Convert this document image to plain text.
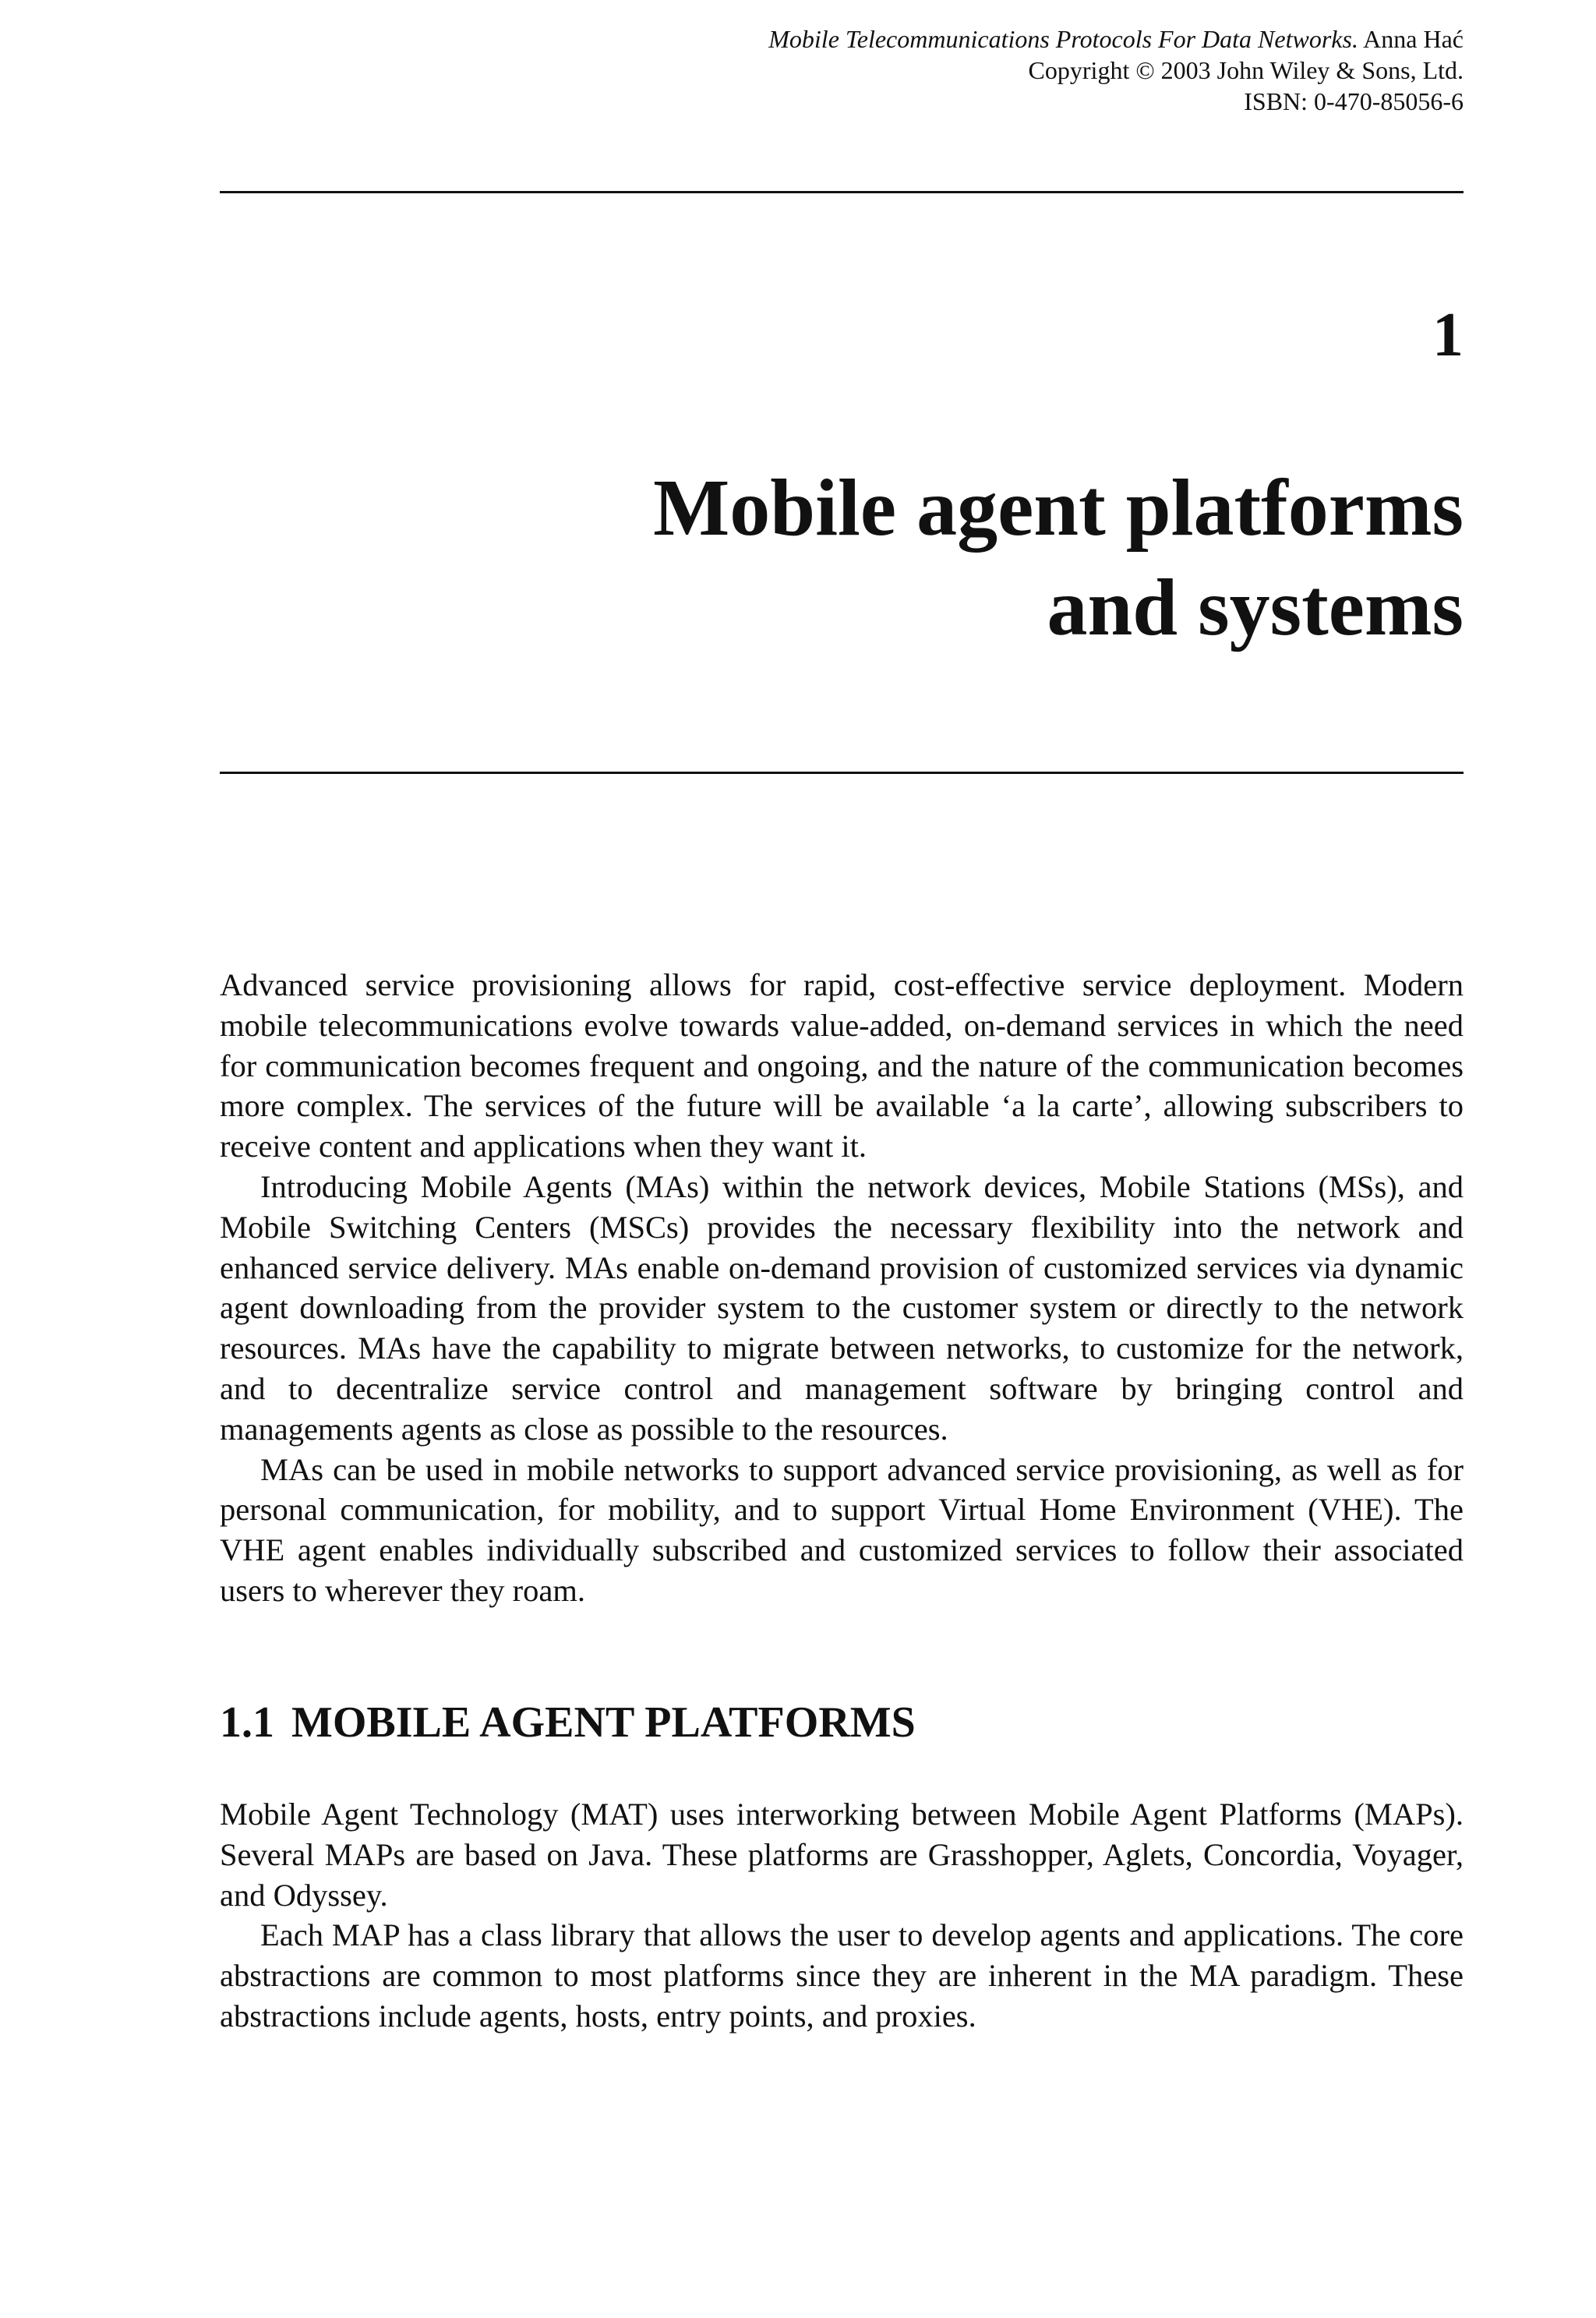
Mobile Telecommunications Protocols For Data Networks. Anna Hać
Copyright © 2003 John Wiley & Sons, Ltd.
ISBN: 0-470-85056-6
1
Mobile agent platforms
and systems

Advanced service provisioning allows for rapid, cost-effective service deployment. Modern mobile telecommunications evolve towards value-added, on-demand services in which the need for communication becomes frequent and ongoing, and the nature of the communication becomes more complex. The services of the future will be available ‘a la carte’, allowing subscribers to receive content and applications when they want it.

Introducing Mobile Agents (MAs) within the network devices, Mobile Stations (MSs), and Mobile Switching Centers (MSCs) provides the necessary flexibility into the network and enhanced service delivery. MAs enable on-demand provision of customized services via dynamic agent downloading from the provider system to the customer system or directly to the network resources. MAs have the capability to migrate between networks, to customize for the network, and to decentralize service control and management software by bringing control and managements agents as close as possible to the resources.

MAs can be used in mobile networks to support advanced service provisioning, as well as for personal communication, for mobility, and to support Virtual Home Environment (VHE). The VHE agent enables individually subscribed and customized services to follow their associated users to wherever they roam.

1.1 MOBILE AGENT PLATFORMS

Mobile Agent Technology (MAT) uses interworking between Mobile Agent Platforms (MAPs). Several MAPs are based on Java. These platforms are Grasshopper, Aglets, Concordia, Voyager, and Odyssey.

Each MAP has a class library that allows the user to develop agents and applications. The core abstractions are common to most platforms since they are inherent in the MA paradigm. These abstractions include agents, hosts, entry points, and proxies.
